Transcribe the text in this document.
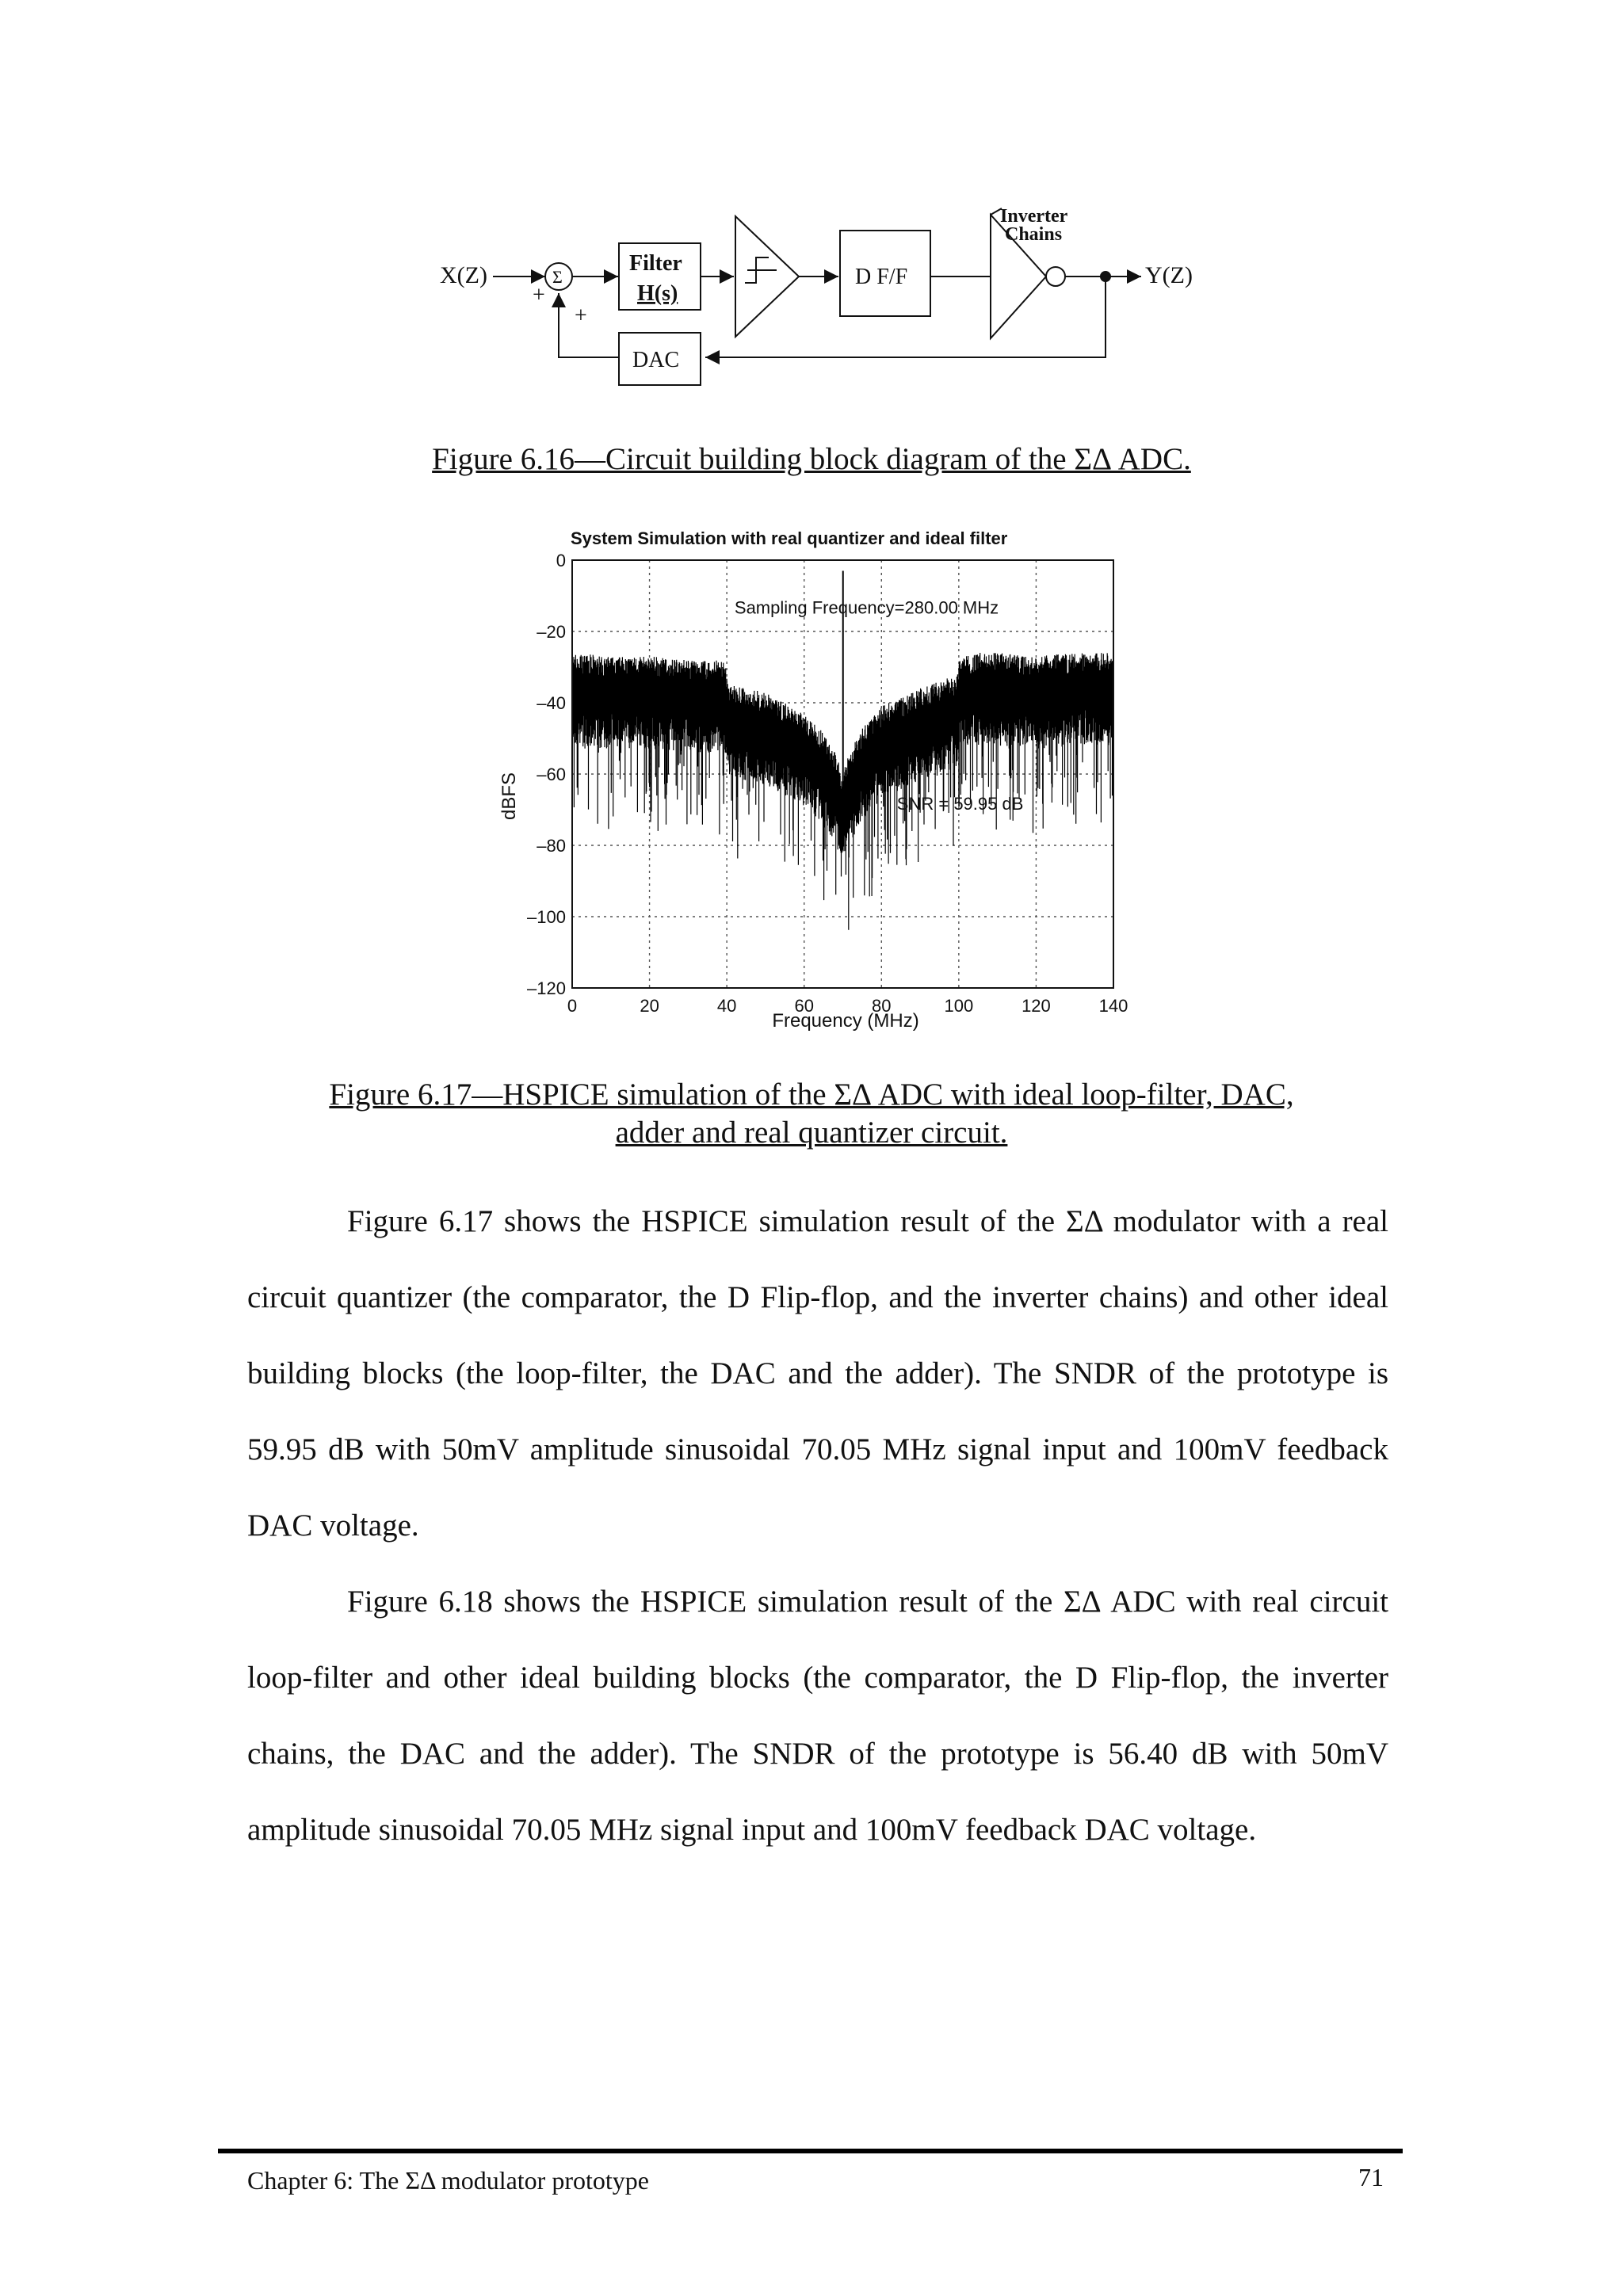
X(Z)	Σ
+
+
Filter
H(s)
D F/F
Inverter
Chains
Y(Z)
DAC
Figure 6.16—Circuit building block diagram of the ΣΔ ADC.
System Simulation with real quantizer and ideal filter
0	20	40	60	80	100	120	140
0
–20
–40
–60
–80
–100
–120
dBFS
Frequency (MHz)
Sampling Frequency=280.00 MHz
SNR = 59.95 dB
Figure 6.17—HSPICE simulation of the ΣΔ ADC with ideal loop-filter, DAC,
adder and real quantizer circuit.

Figure 6.17 shows the HSPICE simulation result of the ΣΔ modulator with a real circuit quantizer (the comparator, the D Flip-flop, and the inverter chains) and other ideal building blocks (the loop-filter, the DAC and the adder). The SNDR of the prototype is 59.95 dB with 50mV amplitude sinusoidal 70.05 MHz signal input and 100mV feedback DAC voltage.

Figure 6.18 shows the HSPICE simulation result of the ΣΔ ADC with real circuit loop-filter and other ideal building blocks (the comparator, the D Flip-flop, the inverter chains, the DAC and the adder). The SNDR of the prototype is 56.40 dB with 50mV amplitude sinusoidal 70.05 MHz signal input and 100mV feedback DAC voltage.

Chapter 6: The ΣΔ modulator prototype	71
